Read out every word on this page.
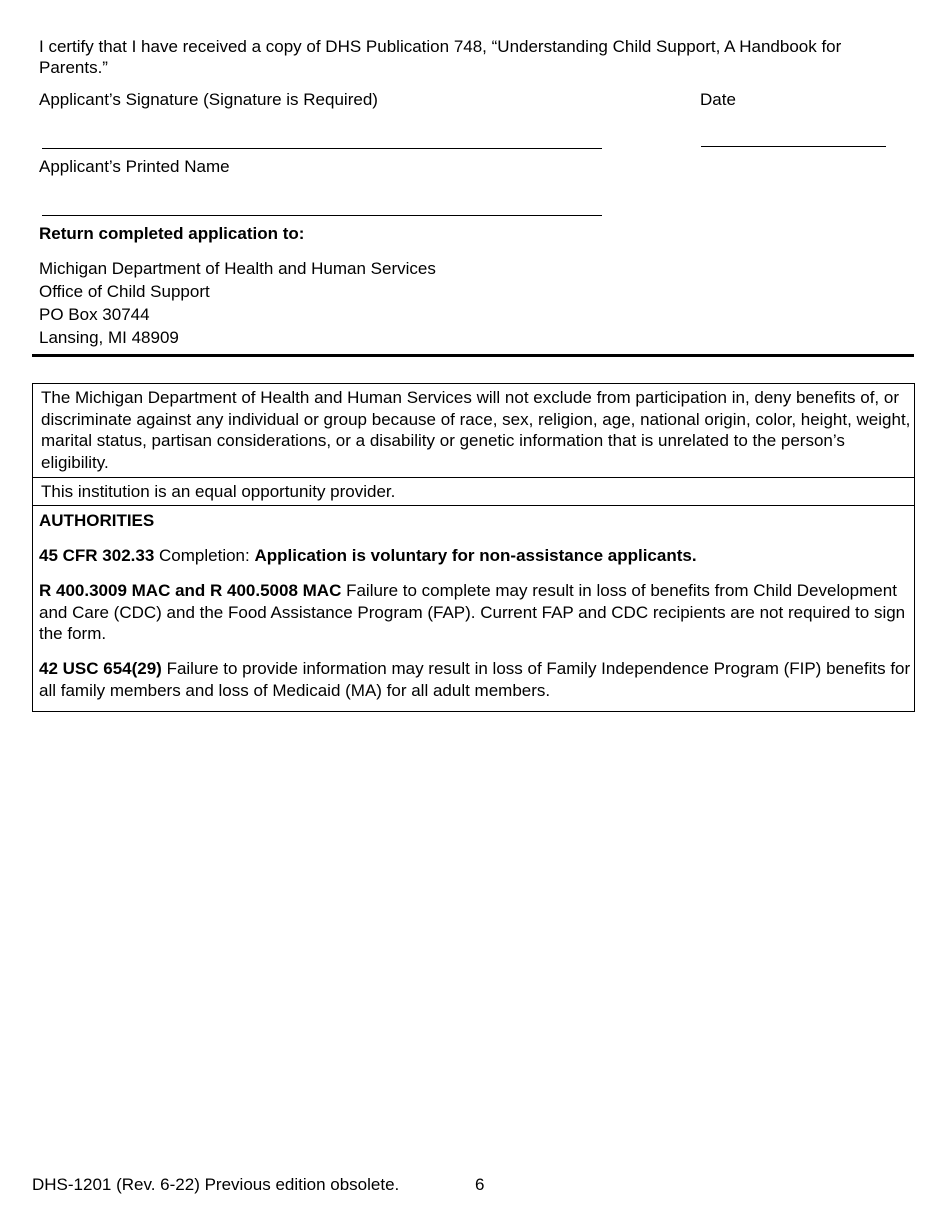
I certify that I have received a copy of DHS Publication 748, “Understanding Child Support, A Handbook for Parents.”
Applicant’s Signature (Signature is Required)	Date
Applicant’s Printed Name
Return completed application to:
Michigan Department of Health and Human Services
Office of Child Support
PO Box 30744
Lansing, MI 48909
The Michigan Department of Health and Human Services will not exclude from participation in, deny benefits of, or discriminate against any individual or group because of race, sex, religion, age, national origin, color, height, weight, marital status, partisan considerations, or a disability or genetic information that is unrelated to the person’s eligibility.
This institution is an equal opportunity provider.
AUTHORITIES
45 CFR 302.33 Completion: Application is voluntary for non-assistance applicants.
R 400.3009 MAC and R 400.5008 MAC Failure to complete may result in loss of benefits from Child Development and Care (CDC) and the Food Assistance Program (FAP). Current FAP and CDC recipients are not required to sign the form.
42 USC 654(29) Failure to provide information may result in loss of Family Independence Program (FIP) benefits for all family members and loss of Medicaid (MA) for all adult members.
DHS-1201 (Rev. 6-22) Previous edition obsolete.	6
